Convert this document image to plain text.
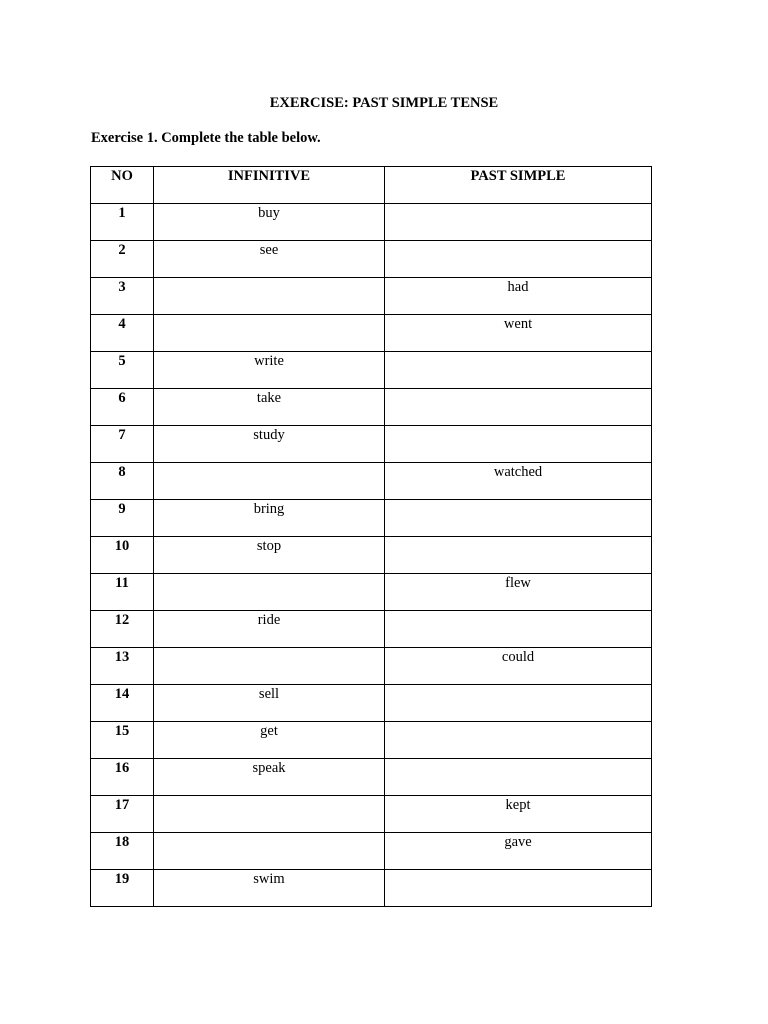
EXERCISE: PAST SIMPLE TENSE
Exercise 1. Complete the table below.
NO	INFINITIVE	PAST SIMPLE

1	buy	

2	see	

3		had

4		went

5	write	

6	take	

7	study	

8		watched

9	bring	

10	stop	

11		flew

12	ride	

13		could

14	sell	

15	get	

16	speak	

17		kept

18		gave

19	swim	
